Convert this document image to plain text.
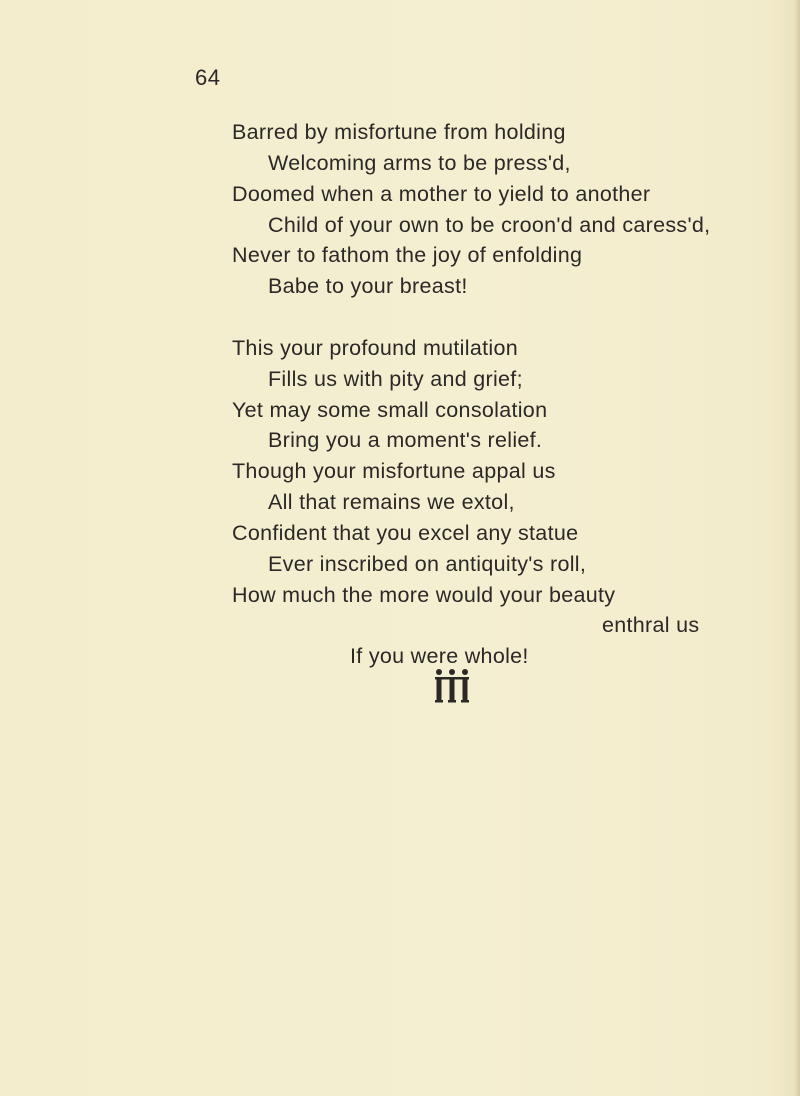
64
Barred by misfortune from holding
Welcoming arms to be press'd,
Doomed when a mother to yield to another
Child of your own to be croon'd and caress'd,
Never to fathom the joy of enfolding
Babe to your breast!
This your profound mutilation
Fills us with pity and grief;
Yet may some small consolation
Bring you a moment's relief.
Though your misfortune appal us
All that remains we extol,
Confident that you excel any statue
Ever inscribed on antiquity's roll,
How much the more would your beauty
enthral us
If you were whole!
